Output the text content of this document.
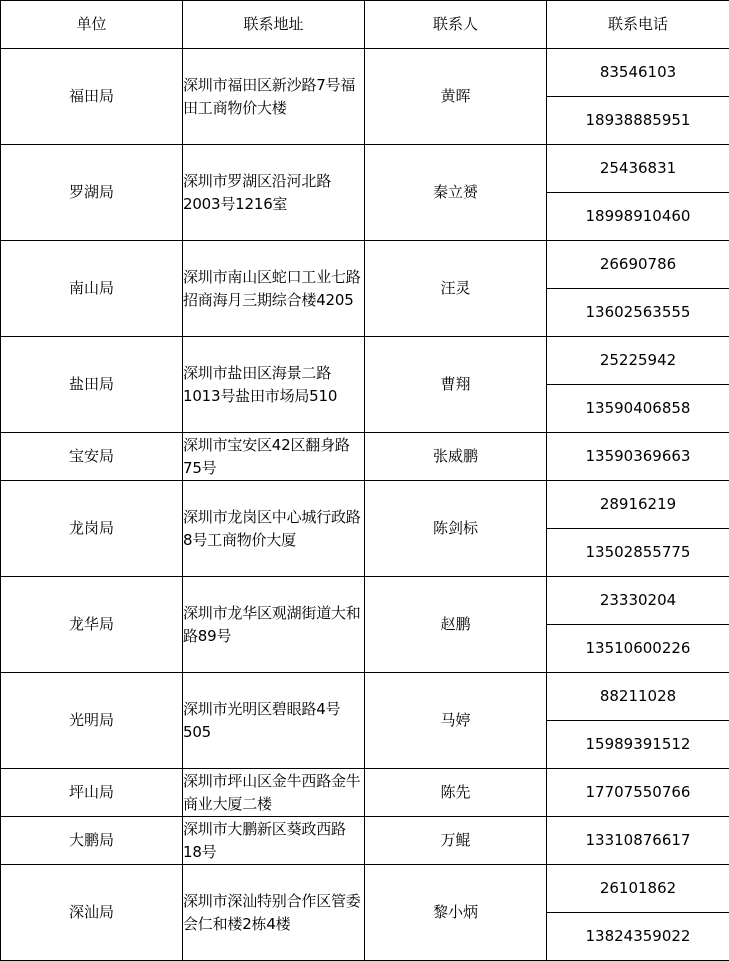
单位	联系地址	联系人	联系电话
福田局	深圳市福田区新沙路7号福田工商物价大楼	黄晖	83546103
			18938885951
罗湖局	深圳市罗湖区沿河北路2003号1216室	秦立赟	25436831
			18998910460
南山局	深圳市南山区蛇口工业七路招商海月三期综合楼4205	汪灵	26690786
			13602563555
盐田局	深圳市盐田区海景二路1013号盐田市场局510	曹翔	25225942
			13590406858
宝安局	深圳市宝安区42区翻身路75号	张威鹏	13590369663
龙岗局	深圳市龙岗区中心城行政路8号工商物价大厦	陈剑标	28916219
			13502855775
龙华局	深圳市龙华区观湖街道大和路89号	赵鹏	23330204
			13510600226
光明局	深圳市光明区碧眼路4号505	马婷	88211028
			15989391512
坪山局	深圳市坪山区金牛西路金牛商业大厦二楼	陈先	17707550766
大鹏局	深圳市大鹏新区葵政西路18号	万鲲	13310876617
深汕局	深圳市深汕特别合作区管委会仁和楼2栋4楼	黎小炳	26101862
			13824359022
